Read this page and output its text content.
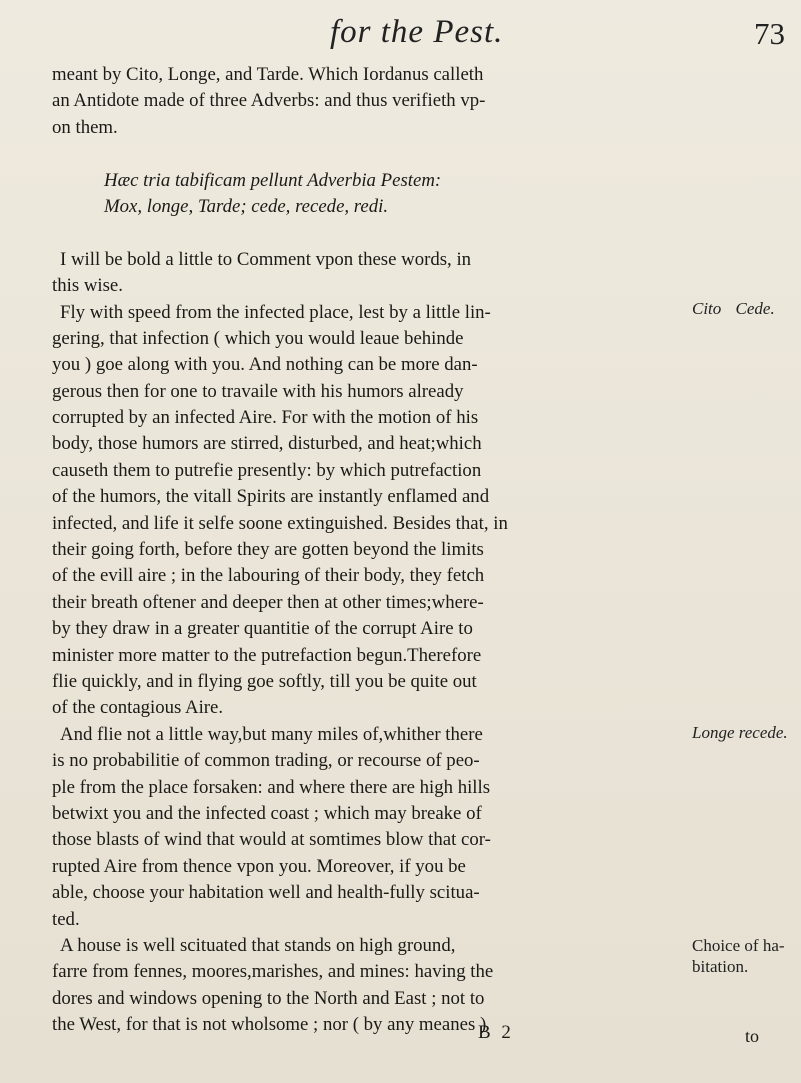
for the Pest.	73
meant by Cito, Longe, and Tarde. Which Iordanus calleth
an Antidote made of three Adverbs: and thus verifieth vp-
on them.
Hæc tria tabificam pellunt Adverbia Pestem:
Mox, longe, Tarde; cede, recede, redi.
I will be bold a little to Comment vpon these words, in
this wise.
Fly with speed from the infected place, lest by a little lin-
gering, that infection ( which you would leaue behinde
you ) goe along with you. And nothing can be more dan-
gerous then for one to travaile with his humors already
corrupted by an infected Aire. For with the motion of his
body, those humors are stirred, disturbed, and heat;which
causeth them to putrefie presently: by which putrefaction
of the humors, the vitall Spirits are instantly enflamed and
infected, and life it selfe soone extinguished. Besides that, in
their going forth, before they are gotten beyond the limits
of the evill aire ; in the labouring of their body, they fetch
their breath oftener and deeper then at other times;where-
by they draw in a greater quantitie of the corrupt Aire to
minister more matter to the putrefaction begun.Therefore
flie quickly, and in flying goe softly, till you be quite out
of the contagious Aire.
And flie not a little way,but many miles of,whither there
is no probabilitie of common trading, or recourse of peo-
ple from the place forsaken: and where there are high hills
betwixt you and the infected coast ; which may breake of
those blasts of wind that would at somtimes blow that cor-
rupted Aire from thence vpon you. Moreover, if you be
able, choose your habitation well and health-fully scitua-
ted.
A house is well scituated that stands on high ground,
farre from fennes, moores,marishes, and mines: having the
dores and windows opening to the North and East ; not to
the West, for that is not wholsome ; nor ( by any meanes )
Cito Cede.
Longe recede.
Choice of ha-
bitation.
B 2	to
